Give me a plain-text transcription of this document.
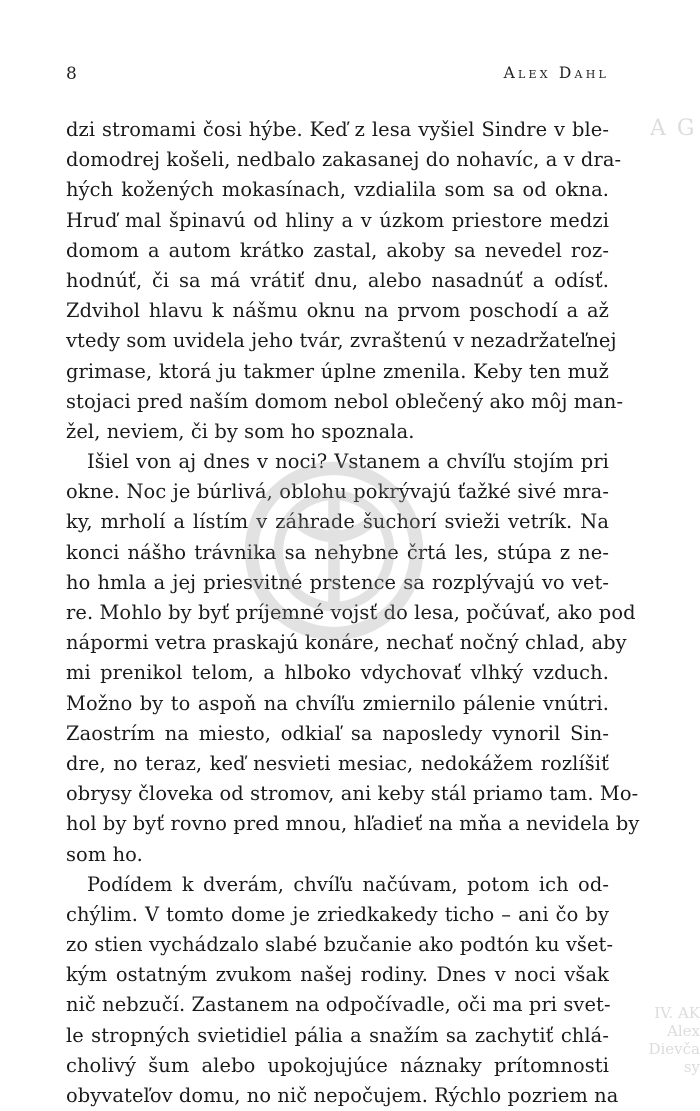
A G
IV. AK
Alex
Dievča
sy
8	Alex Dahl
dzi stromami čosi hýbe. Keď z lesa vyšiel Sindre v ble-
domodrej košeli, nedbalo zakasanej do nohavíc, a v dra-
hých kožených mokasínach, vzdialila som sa od okna.
Hruď mal špinavú od hliny a v úzkom priestore medzi
domom a autom krátko zastal, akoby sa nevedel roz-
hodnúť, či sa má vrátiť dnu, alebo nasadnúť a odísť.
Zdvihol hlavu k nášmu oknu na prvom poschodí a až
vtedy som uvidela jeho tvár, zvraštenú v nezadržateľnej
grimase, ktorá ju takmer úplne zmenila. Keby ten muž
stojaci pred naším domom nebol oblečený ako môj man-
žel, neviem, či by som ho spoznala.
Išiel von aj dnes v noci? Vstanem a chvíľu stojím pri
okne. Noc je búrlivá, oblohu pokrývajú ťažké sivé mra-
ky, mrholí a lístím v záhrade šuchorí svieži vetrík. Na
konci nášho trávnika sa nehybne črtá les, stúpa z ne-
ho hmla a jej priesvitné prstence sa rozplývajú vo vet-
re. Mohlo by byť príjemné vojsť do lesa, počúvať, ako pod
nápormi vetra praskajú konáre, nechať nočný chlad, aby
mi prenikol telom, a hlboko vdychovať vlhký vzduch.
Možno by to aspoň na chvíľu zmiernilo pálenie vnútri.
Zaostrím na miesto, odkiaľ sa naposledy vynoril Sin-
dre, no teraz, keď nesvieti mesiac, nedokážem rozlíšiť
obrysy človeka od stromov, ani keby stál priamo tam. Mo-
hol by byť rovno pred mnou, hľadieť na mňa a nevidela by
som ho.
Podídem k dverám, chvíľu načúvam, potom ich od-
chýlim. V tomto dome je zriedkakedy ticho – ani čo by
zo stien vychádzalo slabé bzučanie ako podtón ku všet-
kým ostatným zvukom našej rodiny. Dnes v noci však
nič nebzučí. Zastanem na odpočívadle, oči ma pri svet-
le stropných svietidiel pália a snažím sa zachytiť chlá-
cholivý šum alebo upokojujúce náznaky prítomnosti
obyvateľov domu, no nič nepočujem. Rýchlo pozriem na
